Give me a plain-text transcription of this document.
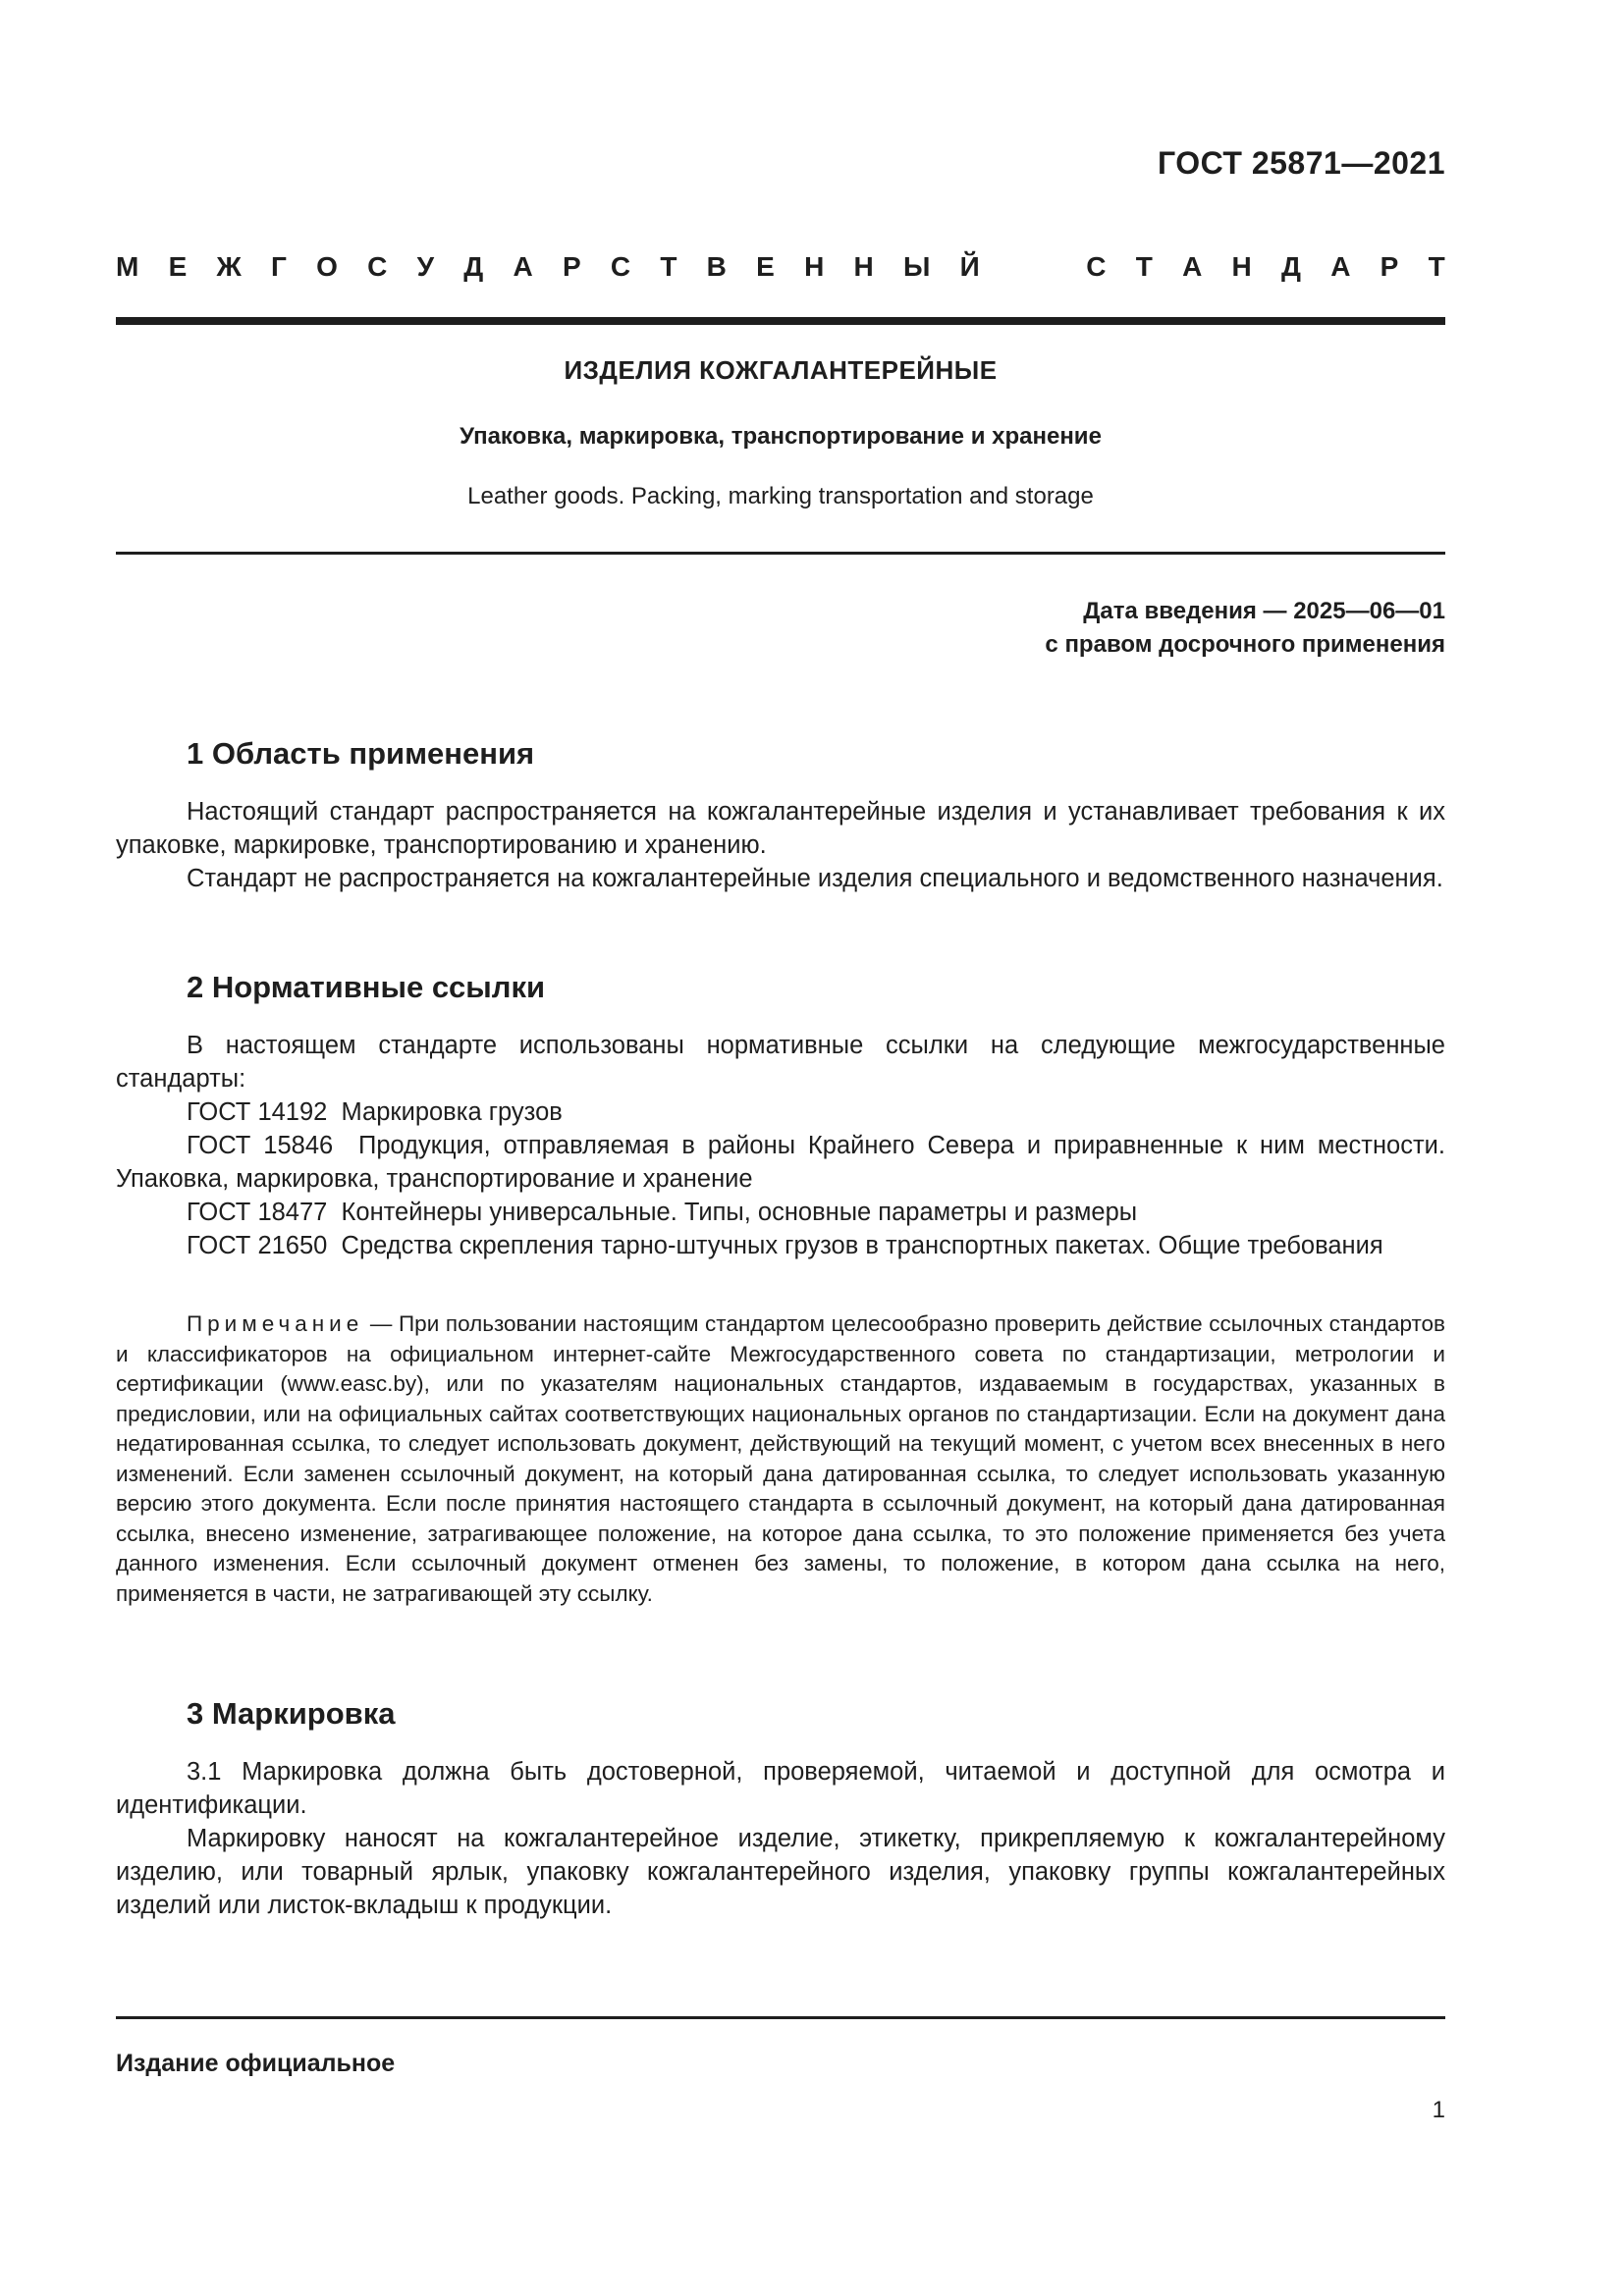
ГОСТ 25871—2021
М Е Ж Г О С У Д А Р С Т В Е Н Н Ы Й	С Т А Н Д А Р Т
ИЗДЕЛИЯ КОЖГАЛАНТЕРЕЙНЫЕ
Упаковка, маркировка, транспортирование и хранение
Leather goods. Packing, marking transportation and storage
Дата введения — 2025—06—01
с правом досрочного применения
1 Область применения

Настоящий стандарт распространяется на кожгалантерейные изделия и устанавливает требования к их упаковке, маркировке, транспортированию и хранению.

Стандарт не распространяется на кожгалантерейные изделия специального и ведомственного назначения.

2 Нормативные ссылки

В настоящем стандарте использованы нормативные ссылки на следующие межгосударственные стандарты:

ГОСТ 14192 Маркировка грузов

ГОСТ 15846 Продукция, отправляемая в районы Крайнего Севера и приравненные к ним местности. Упаковка, маркировка, транспортирование и хранение

ГОСТ 18477 Контейнеры универсальные. Типы, основные параметры и размеры

ГОСТ 21650 Средства скрепления тарно-штучных грузов в транспортных пакетах. Общие требования

Примечание — При пользовании настоящим стандартом целесообразно проверить действие ссылочных стандартов и классификаторов на официальном интернет-сайте Межгосударственного совета по стандартизации, метрологии и сертификации (www.easc.by), или по указателям национальных стандартов, издаваемым в государствах, указанных в предисловии, или на официальных сайтах соответствующих национальных органов по стандартизации. Если на документ дана недатированная ссылка, то следует использовать документ, действующий на текущий момент, с учетом всех внесенных в него изменений. Если заменен ссылочный документ, на который дана датированная ссылка, то следует использовать указанную версию этого документа. Если после принятия настоящего стандарта в ссылочный документ, на который дана датированная ссылка, внесено изменение, затрагивающее положение, на которое дана ссылка, то это положение применяется без учета данного изменения. Если ссылочный документ отменен без замены, то положение, в котором дана ссылка на него, применяется в части, не затрагивающей эту ссылку.

3 Маркировка

3.1 Маркировка должна быть достоверной, проверяемой, читаемой и доступной для осмотра и идентификации.

Маркировку наносят на кожгалантерейное изделие, этикетку, прикрепляемую к кожгалантерейному изделию, или товарный ярлык, упаковку кожгалантерейного изделия, упаковку группы кожгалантерейных изделий или листок-вкладыш к продукции.

Издание официальное
1
